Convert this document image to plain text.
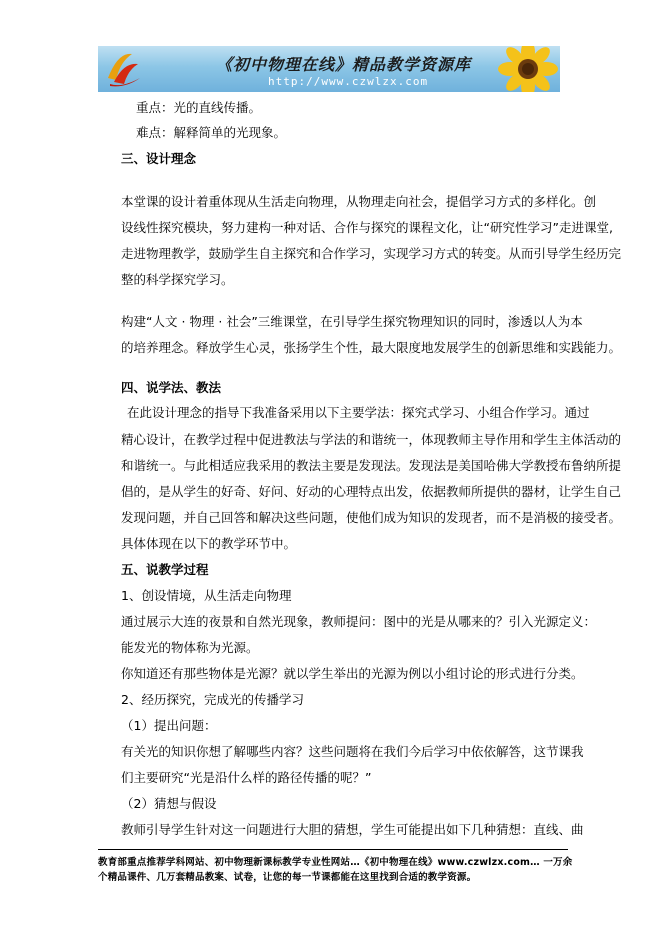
《初中物理在线》精品教学资源库
http://www.czwlzx.com
重点：光的直线传播。
难点：解释简单的光现象。
三、设计理念
本堂课的设计着重体现从生活走向物理，从物理走向社会，提倡学习方式的多样化。创
设线性探究模块，努力建构一种对话、合作与探究的课程文化，让“研究性学习”走进课堂,
走进物理教学，鼓励学生自主探究和合作学习，实现学习方式的转变。从而引导学生经历完
整的科学探究学习。
构建“人文 · 物理 · 社会”三维课堂，在引导学生探究物理知识的同时，渗透以人为本
的培养理念。释放学生心灵，张扬学生个性，最大限度地发展学生的创新思维和实践能力。
四、说学法、教法
在此设计理念的指导下我准备采用以下主要学法：探究式学习、小组合作学习。通过
精心设计，在教学过程中促进教法与学法的和谐统一，体现教师主导作用和学生主体活动的
和谐统一。与此相适应我采用的教法主要是发现法。发现法是美国哈佛大学教授布鲁纳所提
倡的，是从学生的好奇、好问、好动的心理特点出发，依据教师所提供的器材，让学生自己
发现问题，并自己回答和解决这些问题，使他们成为知识的发现者，而不是消极的接受者。
具体体现在以下的教学环节中。
五、说教学过程
1、创设情境，从生活走向物理
通过展示大连的夜景和自然光现象，教师提问：图中的光是从哪来的？引入光源定义：
能发光的物体称为光源。
你知道还有那些物体是光源？就以学生举出的光源为例以小组讨论的形式进行分类。
2、经历探究，完成光的传播学习
（1）提出问题：
有关光的知识你想了解哪些内容？这些问题将在我们今后学习中依依解答，这节课我
们主要研究“光是沿什么样的路径传播的呢？”
（2）猜想与假设
教师引导学生针对这一问题进行大胆的猜想，学生可能提出如下几种猜想：直线、曲
教育部重点推荐学科网站、初中物理新课标教学专业性网站…《初中物理在线》www.czwlzx.com… 一万余
个精品课件、几万套精品教案、试卷，让您的每一节课都能在这里找到合适的教学资源。
